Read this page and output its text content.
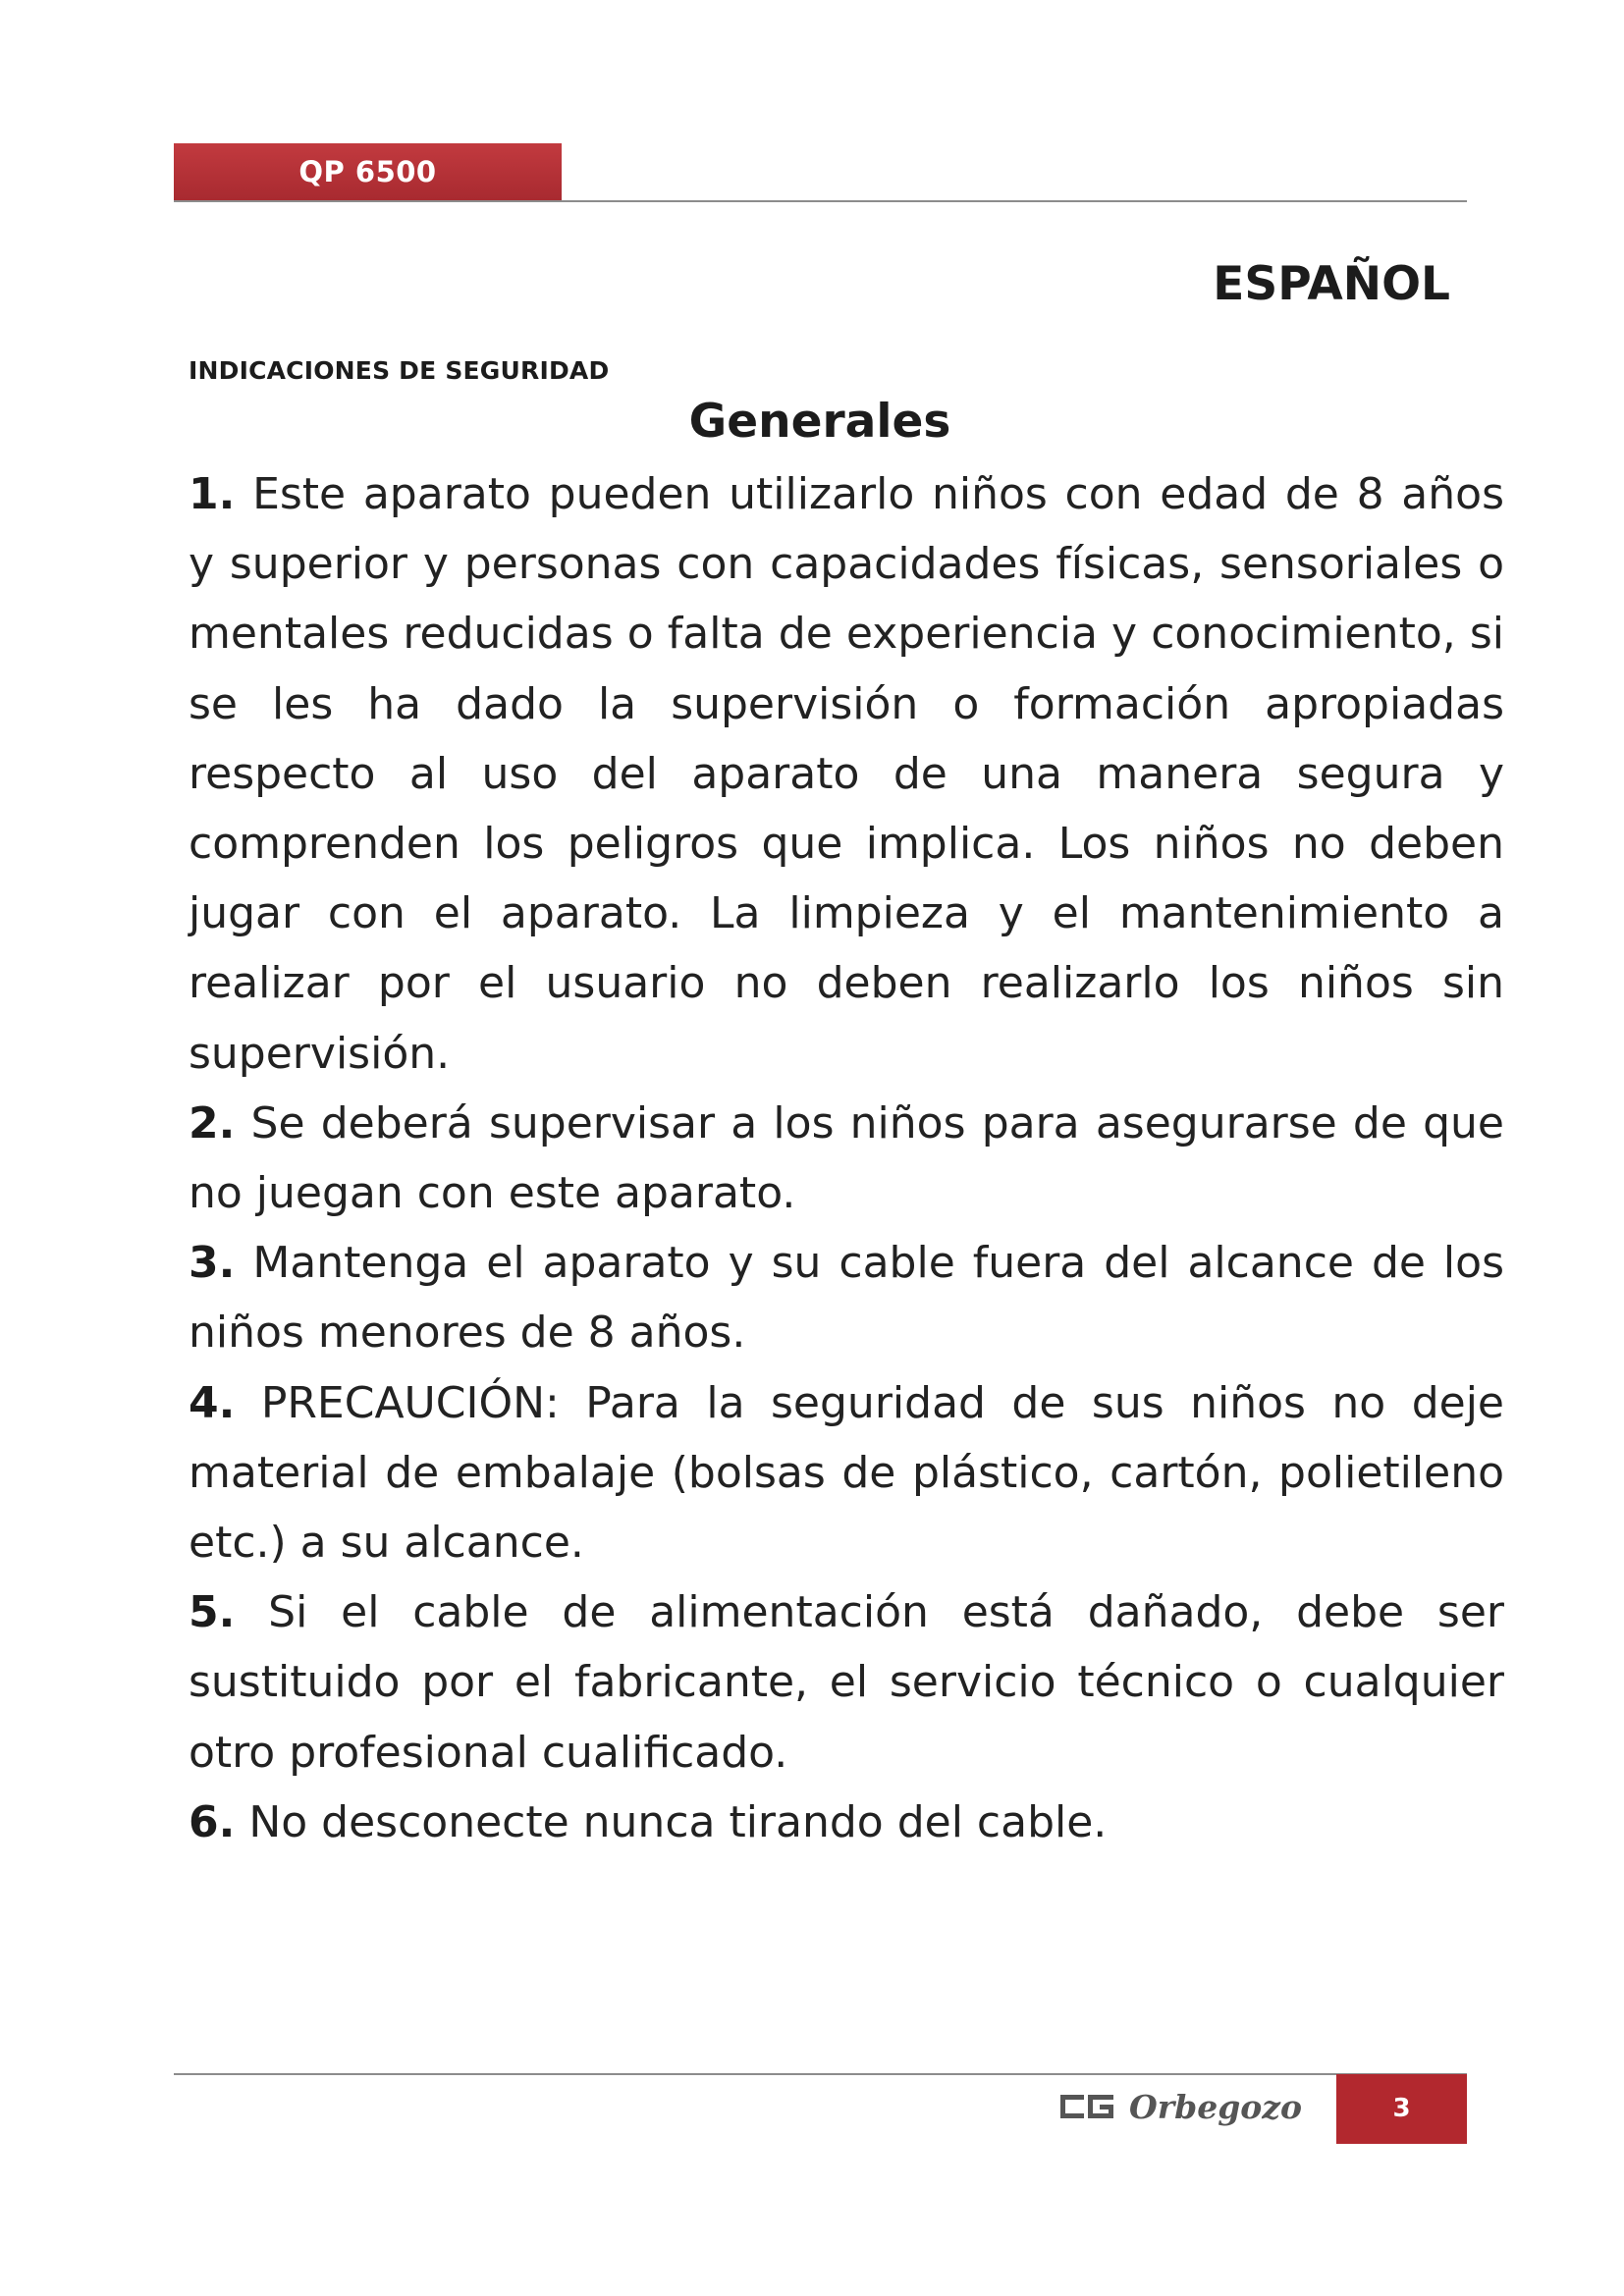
QP 6500
ESPAÑOL
INDICACIONES DE SEGURIDAD
Generales

1. Este aparato pueden utilizarlo niños con edad de 8 años y superior y personas con capacidades físicas, sensoriales o mentales reducidas o falta de experiencia y conocimiento, si se les ha dado la supervisión o formación apropiadas respecto al uso del aparato de una manera segura y comprenden los peligros que implica. Los niños no deben jugar con el aparato. La limpieza y el mantenimiento a realizar por el usuario no deben realizarlo los niños sin supervisión.

2. Se deberá supervisar a los niños para asegurarse de que no juegan con este aparato.

3. Mantenga el aparato y su cable fuera del alcance de los niños menores de 8 años.

4. PRECAUCIÓN: Para la seguridad de sus niños no deje material de embalaje (bolsas de plástico, cartón, polietileno etc.) a su alcance.

5. Si el cable de alimentación está dañado, debe ser sustituido por el fabricante, el servicio técnico o cualquier otro profesional cualificado.

6. No desconecte nunca tirando del cable.

Orbegozo	3
